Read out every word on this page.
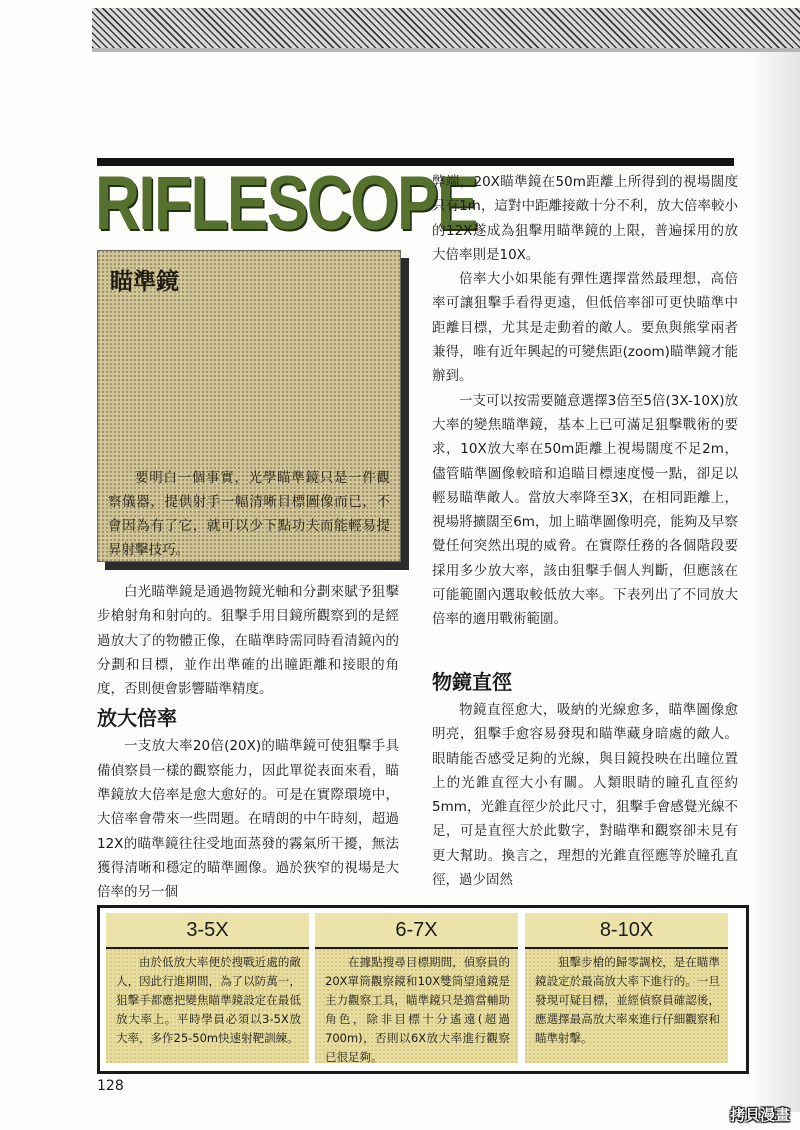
RIFLESCOPE
瞄準鏡

要明白一個事實，光學瞄準鏡只是一件觀察儀器，提供射手一幅清晰目標圖像而已，不會因為有了它，就可以少下點功夫而能輕易提昇射擊技巧。

白光瞄準鏡是通過物鏡光軸和分劃來賦予狙擊步槍射角和射向的。狙擊手用目鏡所觀察到的是經過放大了的物體正像，在瞄準時需同時看清鏡內的分劃和目標，並作出準確的出瞳距離和接眼的角度，否則便會影響瞄準精度。

放大倍率

一支放大率20倍(20X)的瞄準鏡可使狙擊手具備偵察員一樣的觀察能力，因此單從表面來看，瞄準鏡放大倍率是愈大愈好的。可是在實際環境中，大倍率會帶來一些問題。在晴朗的中午時刻，超過12X的瞄準鏡往往受地面蒸發的霧氣所干擾，無法獲得清晰和穩定的瞄準圖像。過於狹窄的視場是大倍率的另一個

弊端，20X瞄準鏡在50m距離上所得到的視場闊度只有1m，這對中距離接敵十分不利，放大倍率較小的12X遂成為狙擊用瞄準鏡的上限，普遍採用的放大倍率則是10X。

倍率大小如果能有彈性選擇當然最理想，高倍率可讓狙擊手看得更遠，但低倍率卻可更快瞄準中距離目標，尤其是走動着的敵人。要魚與熊掌兩者兼得，唯有近年興起的可變焦距(zoom)瞄準鏡才能辦到。

一支可以按需要隨意選擇3倍至5倍(3X-10X)放大率的變焦瞄準鏡，基本上已可滿足狙擊戰術的要求，10X放大率在50m距離上視場闊度不足2m，儘管瞄準圖像較暗和追瞄目標速度慢一點，卻足以輕易瞄準敵人。當放大率降至3X，在相同距離上，視場將擴闊至6m，加上瞄準圖像明亮，能夠及早察覺任何突然出現的威脅。在實際任務的各個階段要採用多少放大率，該由狙擊手個人判斷，但應該在可能範圍內選取較低放大率。下表列出了不同放大倍率的適用戰術範圍。

物鏡直徑

物鏡直徑愈大，吸納的光線愈多，瞄準圖像愈明亮，狙擊手愈容易發現和瞄準藏身暗處的敵人。眼睛能否感受足夠的光線，與目鏡投映在出瞳位置上的光錐直徑大小有關。人類眼睛的瞳孔直徑約5mm，光錐直徑少於此尺寸，狙擊手會感覺光線不足，可是直徑大於此數字，對瞄準和觀察卻未見有更大幫助。換言之，理想的光錐直徑應等於瞳孔直徑，過少固然

3-5X

由於低放大率便於搜戰近處的敵人，因此行進期間，為了以防萬一，狙擊手都應把變焦瞄準鏡設定在最低放大率上。平時學員必須以3-5X放大率，多作25-50m快速射靶訓練。

6-7X

在據點搜尋目標期間，偵察員的20X單筒觀察鏡和10X雙筒望遠鏡是主力觀察工具，瞄準鏡只是擔當輔助角色，除非目標十分遙遠(超過700m)，否則以6X放大率進行觀察已很足夠。

8-10X

狙擊步槍的歸零調校，是在瞄準鏡設定於最高放大率下進行的。一旦發現可疑目標，並經偵察員確認後，應選擇最高放大率來進行仔細觀察和瞄準射擊。

128
拷貝漫畫
